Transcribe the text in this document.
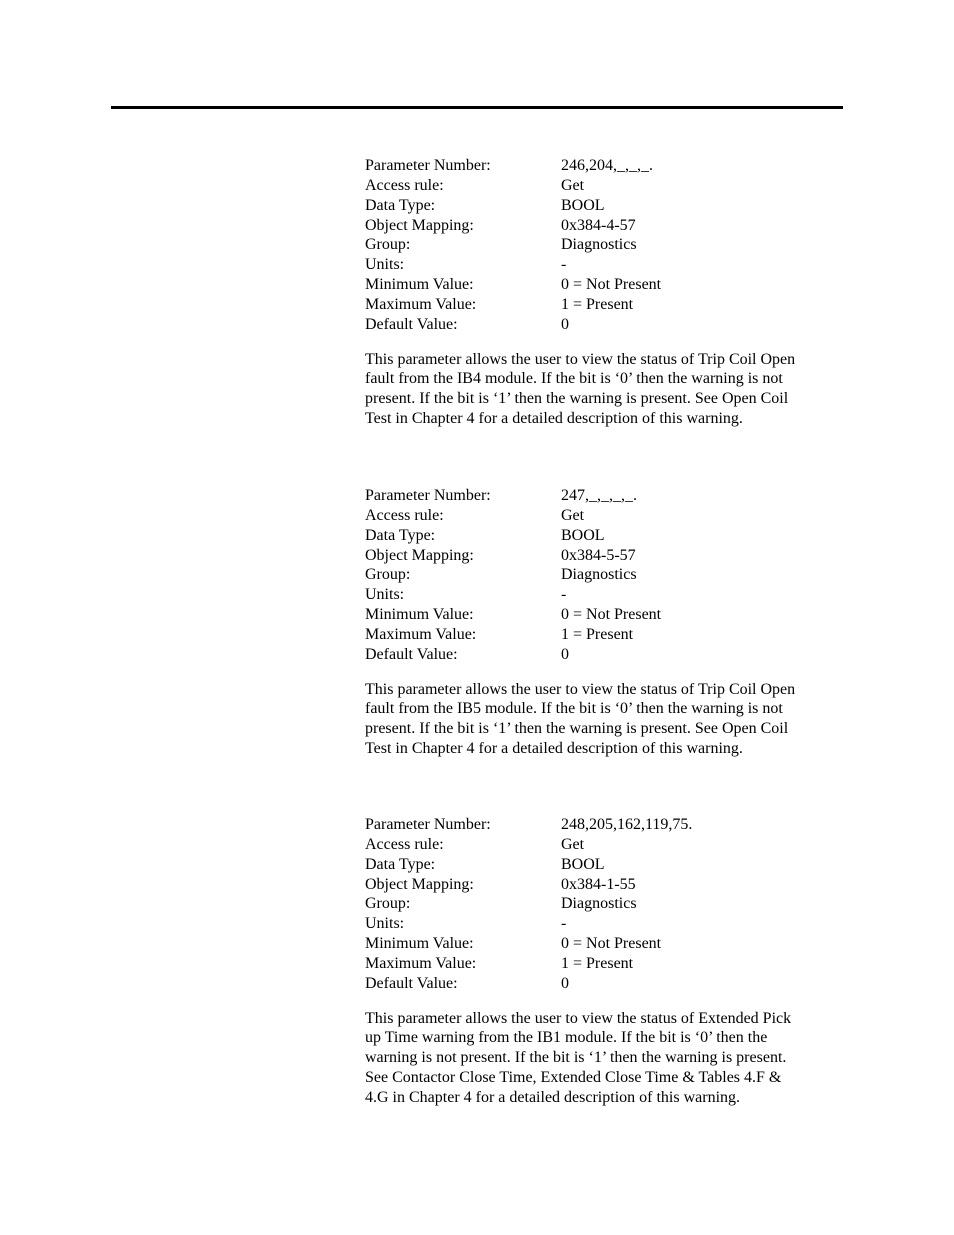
Parameter Number:	246,204,_,_,_.
Access rule:	Get
Data Type:	BOOL
Object Mapping:	0x384-4-57
Group:	Diagnostics
Units:	-
Minimum Value:	0 = Not Present
Maximum Value:	1 = Present
Default Value:	0

This parameter allows the user to view the status of Trip Coil Open
fault from the IB4 module. If the bit is ‘0’ then the warning is not
present. If the bit is ‘1’ then the warning is present. See Open Coil
Test in Chapter 4 for a detailed description of this warning.

Parameter Number:	247,_,_,_,_.
Access rule:	Get
Data Type:	BOOL
Object Mapping:	0x384-5-57
Group:	Diagnostics
Units:	-
Minimum Value:	0 = Not Present
Maximum Value:	1 = Present
Default Value:	0

This parameter allows the user to view the status of Trip Coil Open
fault from the IB5 module. If the bit is ‘0’ then the warning is not
present. If the bit is ‘1’ then the warning is present. See Open Coil
Test in Chapter 4 for a detailed description of this warning.

Parameter Number:	248,205,162,119,75.
Access rule:	Get
Data Type:	BOOL
Object Mapping:	0x384-1-55
Group:	Diagnostics
Units:	-
Minimum Value:	0 = Not Present
Maximum Value:	1 = Present
Default Value:	0

This parameter allows the user to view the status of Extended Pick
up Time warning from the IB1 module. If the bit is ‘0’ then the
warning is not present. If the bit is ‘1’ then the warning is present.
See Contactor Close Time, Extended Close Time & Tables 4.F &
4.G in Chapter 4 for a detailed description of this warning.
